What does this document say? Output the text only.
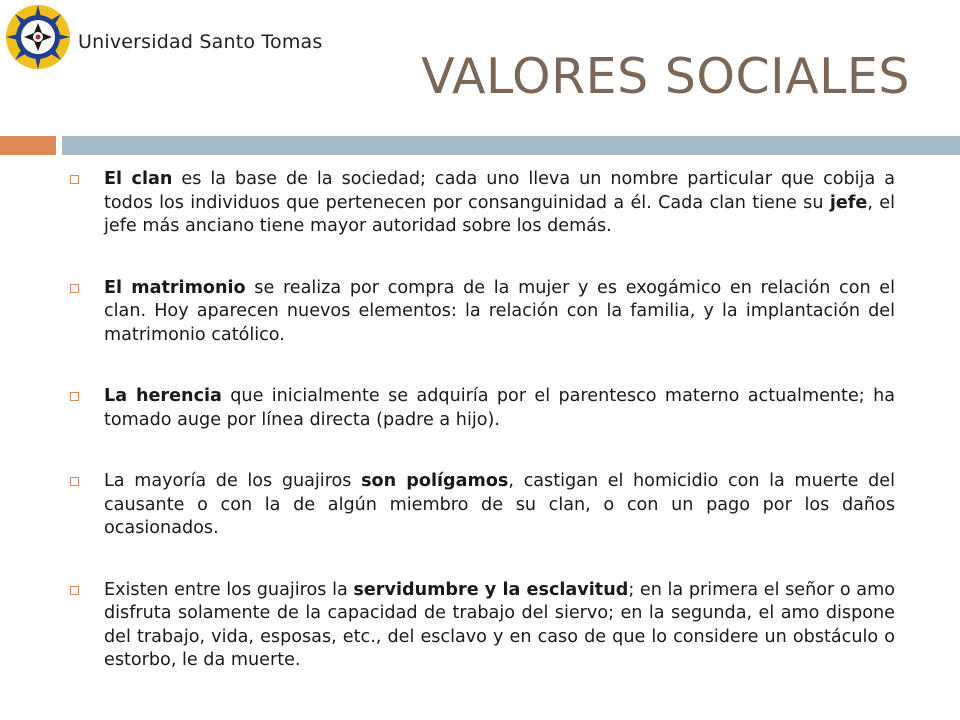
Universidad Santo Tomas
VALORES SOCIALES
El clan es la base de la sociedad; cada uno lleva un nombre particular que cobija a todos los individuos que pertenecen por consanguinidad a él. Cada clan tiene su jefe, el jefe más anciano tiene mayor autoridad sobre los demás.
El matrimonio se realiza por compra de la mujer y es exogámico en relación con el clan. Hoy aparecen nuevos elementos: la relación con la familia, y la implantación del matrimonio católico.
La herencia que inicialmente se adquiría por el parentesco materno actualmente; ha tomado auge por línea directa (padre a hijo).
La mayoría de los guajiros son polígamos, castigan el homicidio con la muerte del causante o con la de algún miembro de su clan, o con un pago por los daños ocasionados.
Existen entre los guajiros la servidumbre y la esclavitud; en la primera el señor o amo disfruta solamente de la capacidad de trabajo del siervo; en la segunda, el amo dispone del trabajo, vida, esposas, etc., del esclavo y en caso de que lo considere un obstáculo o estorbo, le da muerte.
